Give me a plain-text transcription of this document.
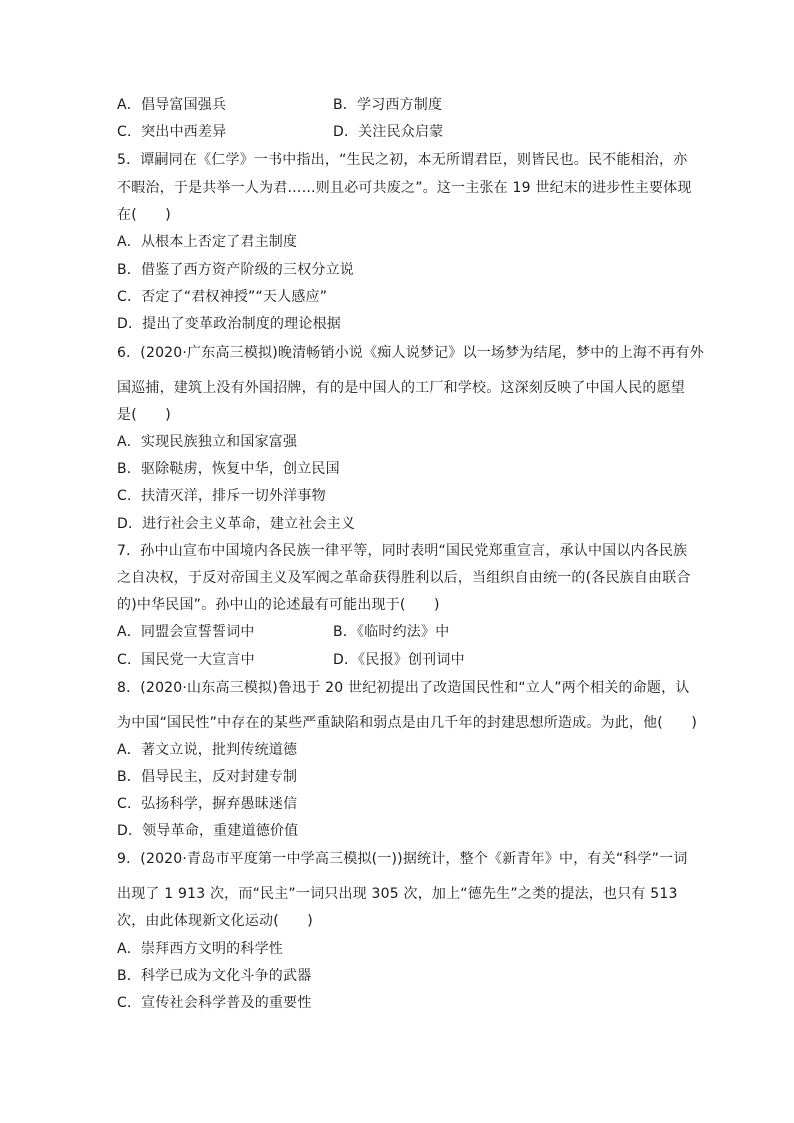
A．倡导富国强兵	B．学习西方制度
C．突出中西差异	D．关注民众启蒙
5．谭嗣同在《仁学》一书中指出，“生民之初，本无所谓君臣，则皆民也。民不能相治，亦
不暇治，于是共举一人为君……则且必可共废之”。这一主张在 19 世纪末的进步性主要体现
在(　　)
A．从根本上否定了君主制度
B．借鉴了西方资产阶级的三权分立说
C．否定了“君权神授”“天人感应”
D．提出了变革政治制度的理论根据
6．(2020·广东高三模拟)晚清畅销小说《痴人说梦记》以一场梦为结尾，梦中的上海不再有外
国巡捕，建筑上没有外国招牌，有的是中国人的工厂和学校。这深刻反映了中国人民的愿望
是(　　)
A．实现民族独立和国家富强
B．驱除鞑虏，恢复中华，创立民国
C．扶清灭洋，排斥一切外洋事物
D．进行社会主义革命，建立社会主义
7．孙中山宣布中国境内各民族一律平等，同时表明“国民党郑重宣言，承认中国以内各民族
之自决权，于反对帝国主义及军阀之革命获得胜利以后，当组织自由统一的(各民族自由联合
的)中华民国”。孙中山的论述最有可能出现于(　　)
A．同盟会宣誓誓词中	B．《临时约法》中
C．国民党一大宣言中	D．《民报》创刊词中
8．(2020·山东高三模拟)鲁迅于 20 世纪初提出了改造国民性和“立人”两个相关的命题，认
为中国“国民性”中存在的某些严重缺陷和弱点是由几千年的封建思想所造成。为此，他(　　)
A．著文立说，批判传统道德
B．倡导民主，反对封建专制
C．弘扬科学，摒弃愚昧迷信
D．领导革命，重建道德价值
9．(2020·青岛市平度第一中学高三模拟(一))据统计，整个《新青年》中，有关“科学”一词
出现了 1 913 次，而“民主”一词只出现 305 次，加上“德先生”之类的提法，也只有 513
次，由此体现新文化运动(　　)
A．崇拜西方文明的科学性
B．科学已成为文化斗争的武器
C．宣传社会科学普及的重要性
